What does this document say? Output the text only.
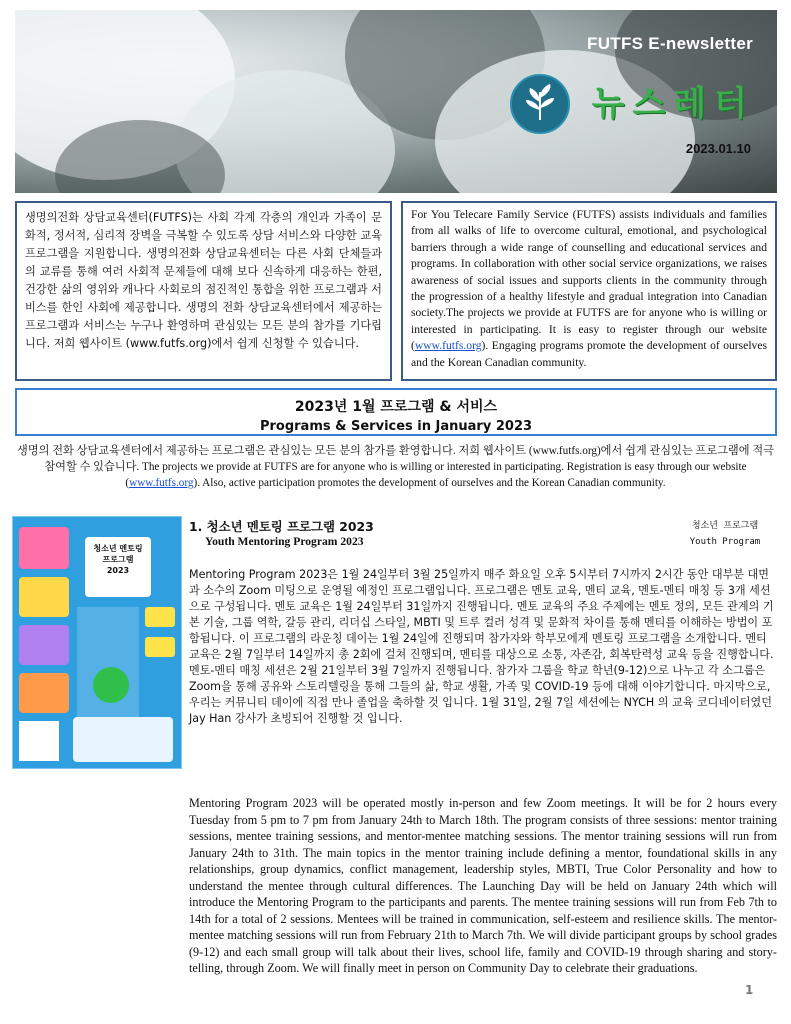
FUTFS E-newsletter
뉴스레터
2023.01.10
생명의전화 상담교육센터(FUTFS)는 사회 각계 각층의 개인과 가족이 문화적, 정서적, 심리적 장벽을 극복할 수 있도록 상담 서비스와 다양한 교육 프로그램을 지원합니다. 생명의전화 상담교육센터는 다른 사회 단체들과의 교류를 통해 여러 사회적 문제들에 대해 보다 신속하게 대응하는 한편, 건강한 삶의 영위와 캐나다 사회로의 점진적인 통합을 위한 프로그램과 서비스를 한인 사회에 제공합니다. 생명의 전화 상담교육센터에서 제공하는 프로그램과 서비스는 누구나 환영하며 관심있는 모든 분의 참가를 기다립니다. 저희 웹사이트 (www.futfs.org)에서 쉽게 신청할 수 있습니다.
For You Telecare Family Service (FUTFS) assists individuals and families from all walks of life to overcome cultural, emotional, and psychological barriers through a wide range of counselling and educational services and programs. In collaboration with other social service organizations, we raises awareness of social issues and supports clients in the community through the progression of a healthy lifestyle and gradual integration into Canadian society.The projects we provide at FUTFS are for anyone who is willing or interested in participating. It is easy to register through our website (www.futfs.org). Engaging programs promote the development of ourselves and the Korean Canadian community.
2023년 1월 프로그램 & 서비스
Programs & Services in January 2023
생명의 전화 상담교육센터에서 제공하는 프로그램은 관심있는 모든 분의 참가를 환영합니다. 저희 웹사이트 (www.futfs.org)에서 쉽게 관심있는 프로그램에 적극 참여할 수 있습니다. The projects we provide at FUTFS are for anyone who is willing or interested in participating. Registration is easy through our website (www.futfs.org). Also, active participation promotes the development of ourselves and the Korean Canadian community.
청소년 멘토링
프로그램
2023
1. 청소년 멘토링 프로그램 2023
Youth Mentoring Program 2023
청소년 프로그램
Youth Program
Mentoring Program 2023은 1월 24일부터 3월 25일까지 매주 화요일 오후 5시부터 7시까지 2시간 동안 대부분 대면과 소수의 Zoom 미팅으로 운영될 예정인 프로그램입니다. 프로그램은 멘토 교육, 멘티 교육, 멘토-멘티 매칭 등 3개 세션으로 구성됩니다. 멘토 교육은 1월 24일부터 31일까지 진행됩니다. 멘토 교육의 주요 주제에는 멘토 정의, 모든 관계의 기본 기술, 그룹 역학, 갈등 관리, 리더십 스타일, MBTI 및 트루 컬러 성격 및 문화적 차이를 통해 멘티를 이해하는 방법이 포함됩니다. 이 프로그램의 라운칭 데이는 1월 24일에 진행되며 참가자와 학부모에게 멘토링 프로그램을 소개합니다. 멘티 교육은 2월 7일부터 14일까지 총 2회에 걸쳐 진행되며, 멘티를 대상으로 소통, 자존감, 회복탄력성 교육 등을 진행합니다. 멘토-멘티 매칭 세션은 2월 21일부터 3월 7일까지 진행됩니다. 참가자 그룹을 학교 학년(9-12)으로 나누고 각 소그룹은 Zoom을 통해 공유와 스토리텔링을 통해 그들의 삶, 학교 생활, 가족 및 COVID-19 등에 대해 이야기합니다. 마지막으로, 우리는 커뮤니티 데이에 직접 만나 졸업을 축하할 것 입니다. 1월 31일, 2월 7일 세션에는 NYCH 의 교육 코디네이터였던 Jay Han 강사가 초빙되어 진행할 것 입니다.
Mentoring Program 2023 will be operated mostly in-person and few Zoom meetings. It will be for 2 hours every Tuesday from 5 pm to 7 pm from January 24th to March 18th. The program consists of three sessions: mentor training sessions, mentee training sessions, and mentor-mentee matching sessions. The mentor training sessions will run from January 24th to 31th. The main topics in the mentor training include defining a mentor, foundational skills in any relationships, group dynamics, conflict management, leadership styles, MBTI, True Color Personality and how to understand the mentee through cultural differences. The Launching Day will be held on January 24th which will introduce the Mentoring Program to the participants and parents. The mentee training sessions will run from Feb 7th to 14th for a total of 2 sessions. Mentees will be trained in communication, self-esteem and resilience skills. The mentor- mentee matching sessions will run from February 21th to March 7th. We will divide participant groups by school grades (9-12) and each small group will talk about their lives, school life, family and COVID-19 through sharing and story-telling, through Zoom. We will finally meet in person on Community Day to celebrate their graduations.
1
